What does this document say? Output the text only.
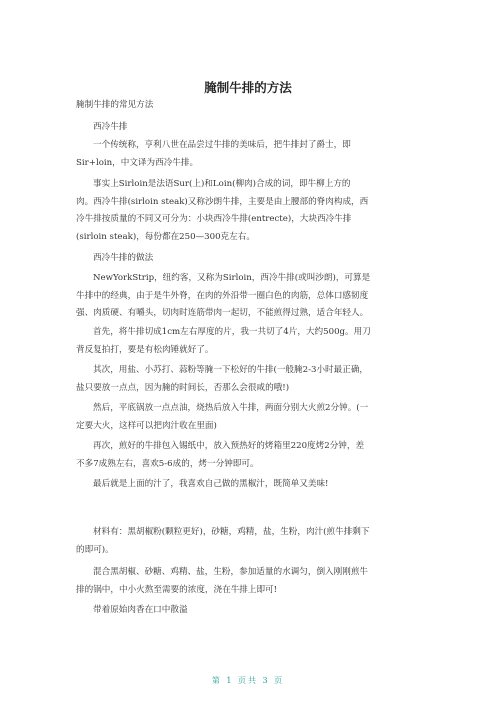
腌制牛排的方法

腌制牛排的常见方法

西冷牛排

一个传统称，亨利八世在品尝过牛排的美味后，把牛排封了爵士，即
Sir+loin，中文译为西冷牛排。

事实上Sirloin是法语Sur(上)和Loin(柳肉)合成的词，即牛柳上方的
肉。西冷牛排(sirloin steak)又称沙朗牛排，主要是由上腰部的脊肉构成，西
冷牛排按质量的不同又可分为：小块西冷牛排(entrecte)，大块西冷牛排
(sirloin steak)，每份都在250—300克左右。

西冷牛排的做法

NewYorkStrip，纽约客，又称为Sirloin，西冷牛排(或叫沙朗)，可算是
牛排中的经典，由于是牛外脊，在肉的外沿带一圈白色的肉筋，总体口感韧度
强、肉质硬、有嚼头，切肉时连筋带肉一起切，不能煎得过熟，适合年轻人。

首先，将牛排切成1cm左右厚度的片，我一共切了4片，大约500g。用刀
背反复拍打，要是有松肉锤就好了。

其次，用盐、小苏打、蒜粉等腌一下松好的牛排(一般腌2-3小时最正确，
盐只要放一点点，因为腌的时间长，否那么会很咸的哦!)

然后，平底锅放一点点油，烧热后放入牛排，两面分别大火煎2分钟。(一
定要大火，这样可以把肉汁收在里面)

再次，煎好的牛排包入锡纸中，放入预热好的烤箱里220度烤2分钟，差
不多7成熟左右，喜欢5-6成的，烤一分钟即可。

最后就是上面的汁了，我喜欢自己做的黑椒汁，既简单又美味!

材料有：黑胡椒粉(颗粒更好)，砂糖，鸡精，盐，生粉，肉汁(煎牛排剩下
的即可)。

混合黑胡椒、砂糖、鸡精、盐，生粉，参加适量的水调匀，倒入刚刚煎牛
排的锅中，中小火熬至需要的浓度，浇在牛排上即可!

带着原始肉香在口中散溢

第 1 页共 3 页
